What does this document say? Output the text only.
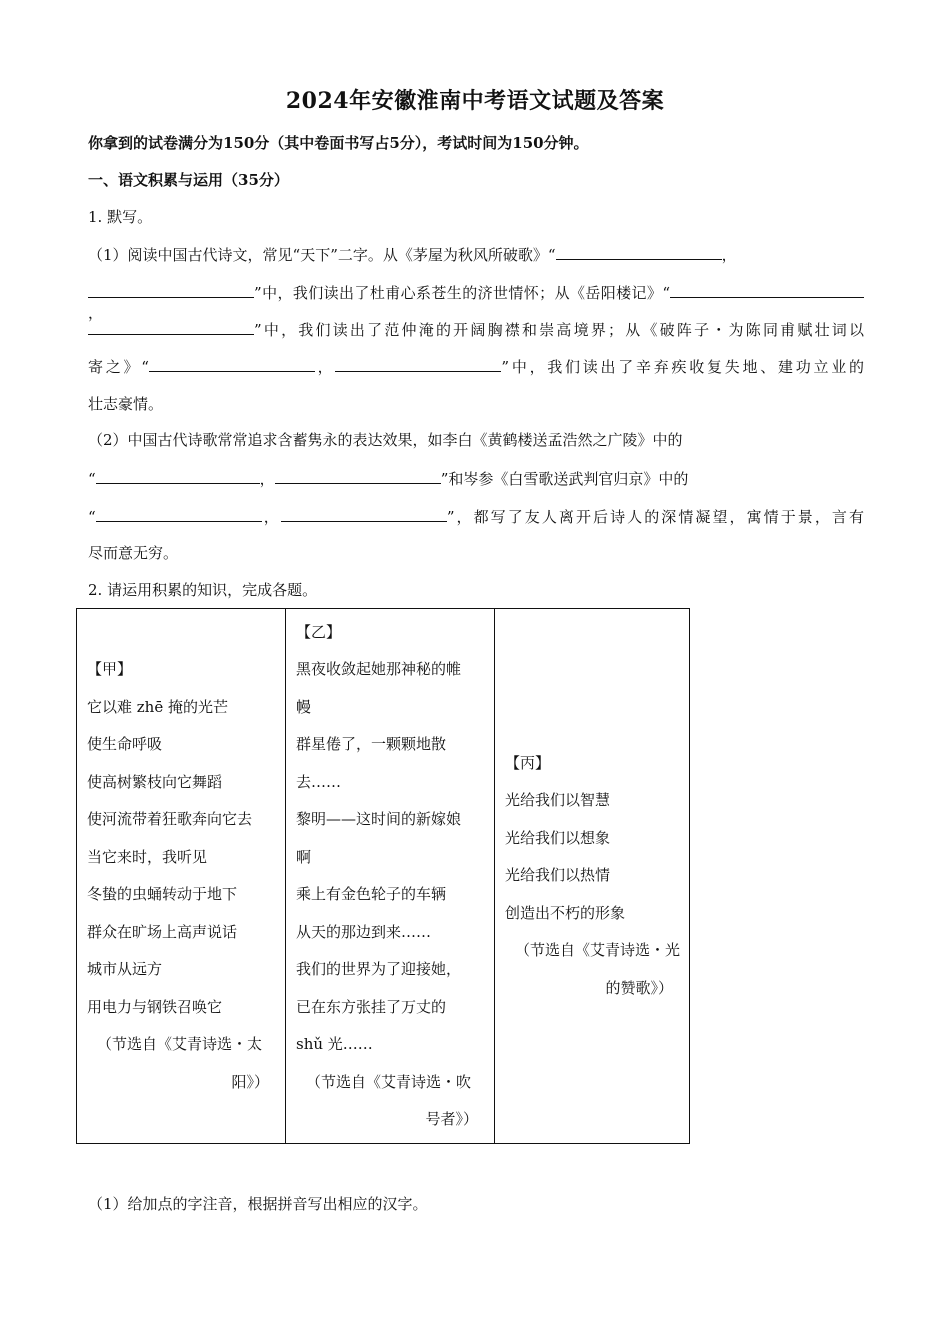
2024年安徽淮南中考语文试题及答案
你拿到的试卷满分为150分（其中卷面书写占5分），考试时间为150分钟。
一、语文积累与运用（35分）
1. 默写。
（1）阅读中国古代诗文，常见“天下”二字。从《茅屋为秋风所破歌》“	，
”中，我们读出了杜甫心系苍生的济世情怀；从《岳阳楼记》“，
”中，我们读出了范仲淹的开阔胸襟和崇高境界；从《破阵子・为陈同甫赋壮词以
寄之》“	，	”中，我们读出了辛弃疾收复失地、建功立业的
壮志豪情。
（2）中国古代诗歌常常追求含蓄隽永的表达效果，如李白《黄鹤楼送孟浩然之广陵》中的
“	，	”和岑参《白雪歌送武判官归京》中的
“	，	”，都写了友人离开后诗人的深情凝望，寓情于景，言有
尽而意无穷。
2. 请运用积累的知识，完成各题。
【甲】
它以难 zhē 掩的光芒
使生命呼吸
使高树繁枝向它舞蹈
使河流带着狂歌奔向它去
当它来时，我听见
冬蛰的虫蛹转动于地下
群众在旷场上高声说话
城市从远方
用电力与钢铁召唤它
（节选自《艾青诗选・太
阳》）
【乙】
黑夜收敛起她那神秘的帷
幔
群星倦了，一颗颗地散
去……
黎明——这时间的新嫁娘
啊
乘上有金色轮子的车辆
从天的那边到来……
我们的世界为了迎接她，
已在东方张挂了万丈的
shǔ 光……
（节选自《艾青诗选・吹
号者》）
【丙】
光给我们以智慧
光给我们以想象
光给我们以热情
创造出不朽的形象
（节选自《艾青诗选・光
的赞歌》）
（1）给加点的字注音，根据拼音写出相应的汉字。
